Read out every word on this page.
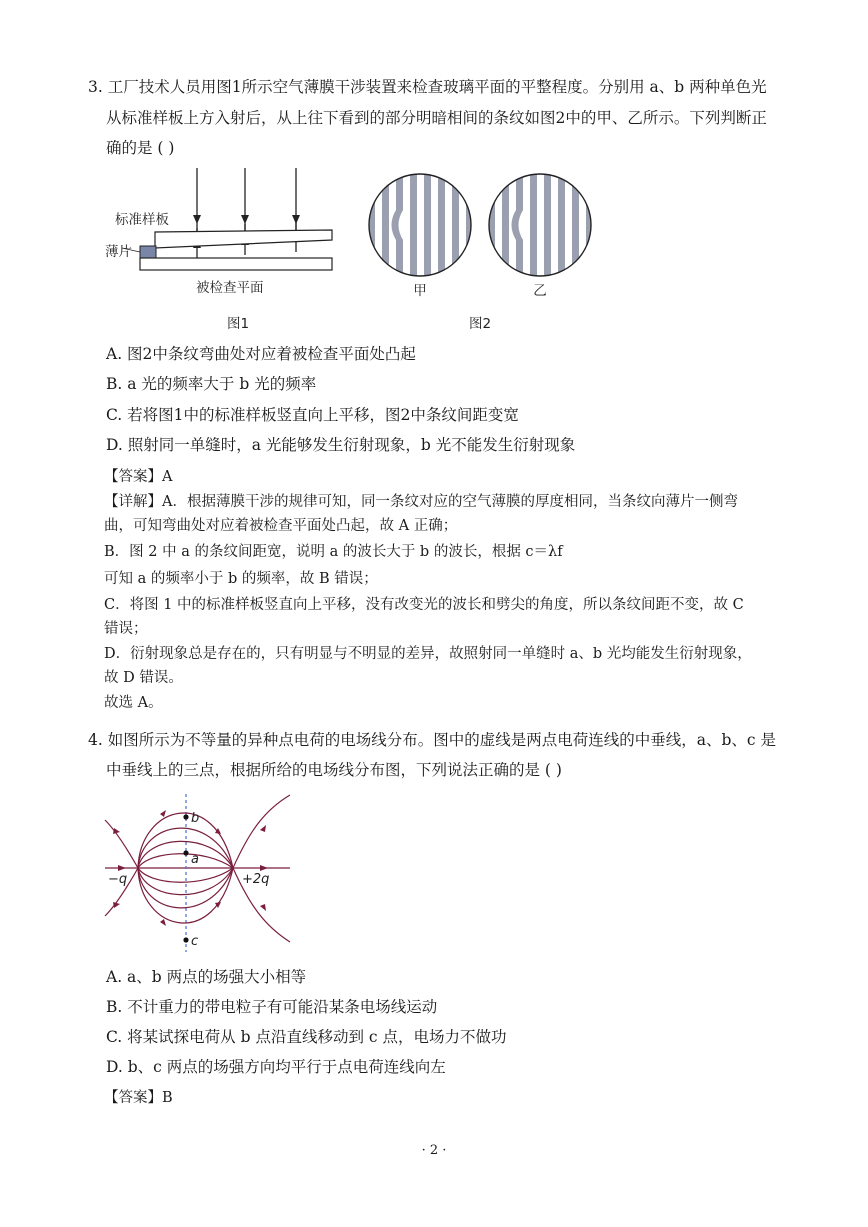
3. 工厂技术人员用图1所示空气薄膜干涉装置来检查玻璃平面的平整程度。分别用 a、b 两种单色光
从标准样板上方入射后，从上往下看到的部分明暗相间的条纹如图2中的甲、乙所示。下列判断正
确的是 ( )
标准样板
薄片
被检查平面
图1
甲	乙
图2
A. 图2中条纹弯曲处对应着被检查平面处凸起
B. a 光的频率大于 b 光的频率
C. 若将图1中的标准样板竖直向上平移，图2中条纹间距变宽
D. 照射同一单缝时，a 光能够发生衍射现象，b 光不能发生衍射现象
【答案】A
【详解】A．根据薄膜干涉的规律可知，同一条纹对应的空气薄膜的厚度相同，当条纹向薄片一侧弯
曲，可知弯曲处对应着被检查平面处凸起，故 A 正确；
B．图 2 中 a 的条纹间距宽，说明 a 的波长大于 b 的波长，根据 c＝λf
可知 a 的频率小于 b 的频率，故 B 错误；
C．将图 1 中的标准样板竖直向上平移，没有改变光的波长和劈尖的角度，所以条纹间距不变，故 C
错误；
D．衍射现象总是存在的，只有明显与不明显的差异，故照射同一单缝时 a、b 光均能发生衍射现象，
故 D 错误。
故选 A。
4. 如图所示为不等量的异种点电荷的电场线分布。图中的虚线是两点电荷连线的中垂线，a、b、c 是
中垂线上的三点，根据所给的电场线分布图，下列说法正确的是 ( )
b
a
c
−q	+2q
A. a、b 两点的场强大小相等
B. 不计重力的带电粒子有可能沿某条电场线运动
C. 将某试探电荷从 b 点沿直线移动到 c 点，电场力不做功
D. b、c 两点的场强方向均平行于点电荷连线向左
【答案】B
· 2 ·
